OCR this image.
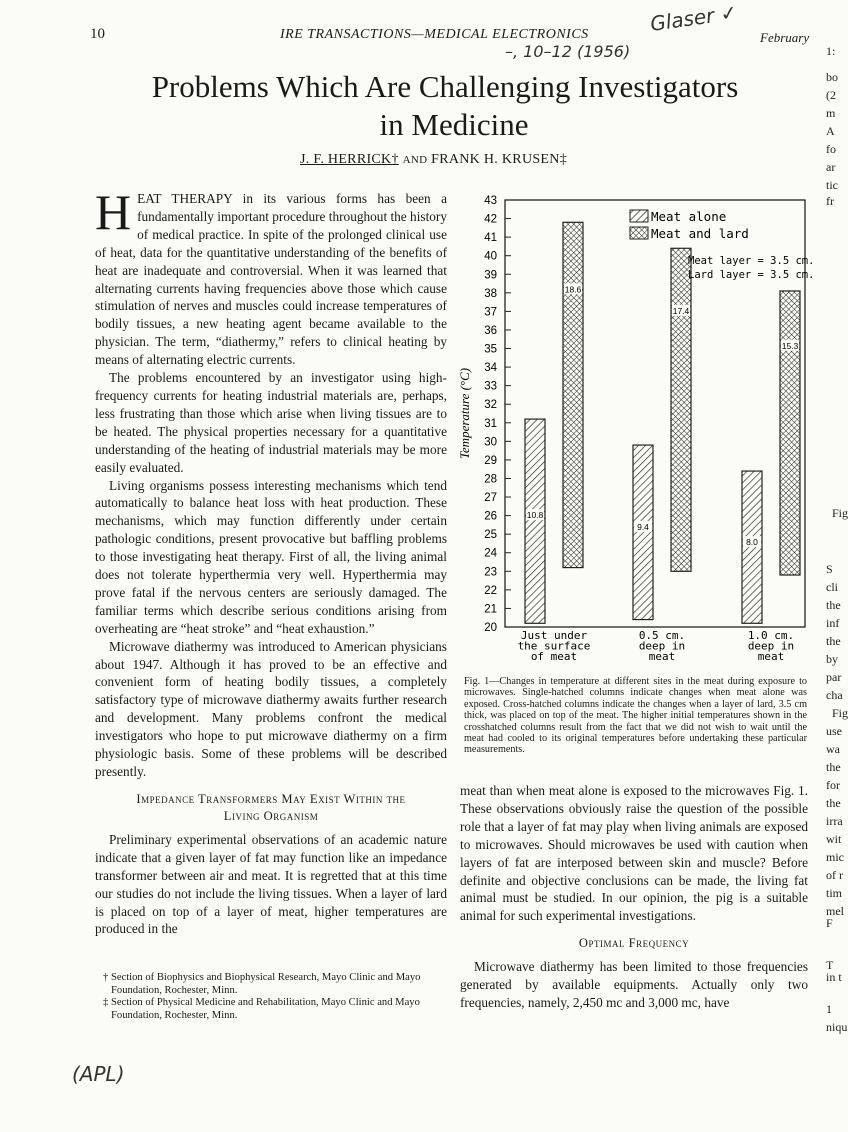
10	IRE TRANSACTIONS—MEDICAL ELECTRONICS	February
Glaser ✓
–, 10–12 (1956)
Problems Which Are Challenging Investigators
in Medicine
J. F. HERRICK† AND FRANK H. KRUSEN‡

HEAT THERAPY in its various forms has been a fundamentally important procedure throughout the history of medical practice. In spite of the prolonged clinical use of heat, data for the quantitative understanding of the benefits of heat are inadequate and controversial. When it was learned that alternating currents having frequencies above those which cause stimulation of nerves and muscles could increase temperatures of bodily tissues, a new heating agent became available to the physician. The term, “diathermy,” refers to clinical heating by means of alternating electric currents.

The problems encountered by an investigator using high-frequency currents for heating industrial materials are, perhaps, less frustrating than those which arise when living tissues are to be heated. The physical properties necessary for a quantitative understanding of the heating of industrial materials may be more easily evaluated.

Living organisms possess interesting mechanisms which tend automatically to balance heat loss with heat production. These mechanisms, which may function differently under certain pathologic conditions, present provocative but baffling problems to those investigating heat therapy. First of all, the living animal does not tolerate hyperthermia very well. Hyperthermia may prove fatal if the nervous centers are seriously damaged. The familiar terms which describe serious conditions arising from overheating are “heat stroke” and “heat exhaustion.”

Microwave diathermy was introduced to American physicians about 1947. Although it has proved to be an effective and convenient form of heating bodily tissues, a completely satisfactory type of microwave diathermy awaits further research and development. Many problems confront the medical investigators who hope to put microwave diathermy on a firm physiologic basis. Some of these problems will be described presently.

Impedance Transformers May Exist Within the
Living Organism

Preliminary experimental observations of an academic nature indicate that a given layer of fat may function like an impedance transformer between air and meat. It is regretted that at this time our studies do not include the living tissues. When a layer of lard is placed on top of a layer of meat, higher temperatures are produced in the

† Section of Biophysics and Biophysical Research, Mayo Clinic and Mayo Foundation, Rochester, Minn.
‡ Section of Physical Medicine and Rehabilitation, Mayo Clinic and Mayo Foundation, Rochester, Minn.
20
21
22
23
24
25
26
27
28
29
30
31
32
33
34
35
36
37
38
39
40
41
42
43
Temperature (°C)
10.8
18.6
Just under
the surface
of meat
9.4
17.4
0.5 cm.
deep in
meat
8.0
15.3
1.0 cm.
deep in
meat
Meat alone
Meat and lard
Meat layer = 3.5 cm.
Lard layer = 3.5 cm.
Fig. 1—Changes in temperature at different sites in the meat during exposure to microwaves. Single-hatched columns indicate changes when meat alone was exposed. Cross-hatched columns indicate the changes when a layer of lard, 3.5 cm thick, was placed on top of the meat. The higher initial temperatures shown in the crosshatched columns result from the fact that we did not wish to wait until the meat had cooled to its original temperatures before undertaking these particular measurements.

meat than when meat alone is exposed to the microwaves Fig. 1. These observations obviously raise the question of the possible role that a layer of fat may play when living animals are exposed to microwaves. Should microwaves be used with caution when layers of fat are interposed between skin and muscle? Before definite and objective conclusions can be made, the living fat animal must be studied. In our opinion, the pig is a suitable animal for such experimental investigations.

Optimal Frequency

Microwave diathermy has been limited to those frequencies generated by available equipments. Actually only two frequencies, namely, 2,450 mc and 3,000 mc, have

(APL)
1:
bo
(2
m
A
fo
ar
tic
fr
Fig
S
cli
the
inf
the
by
par
cha
Fig
use
wa
the
for
the
irra
wit
mic
of r
tim
mel
F
T
in t
1
niqu
